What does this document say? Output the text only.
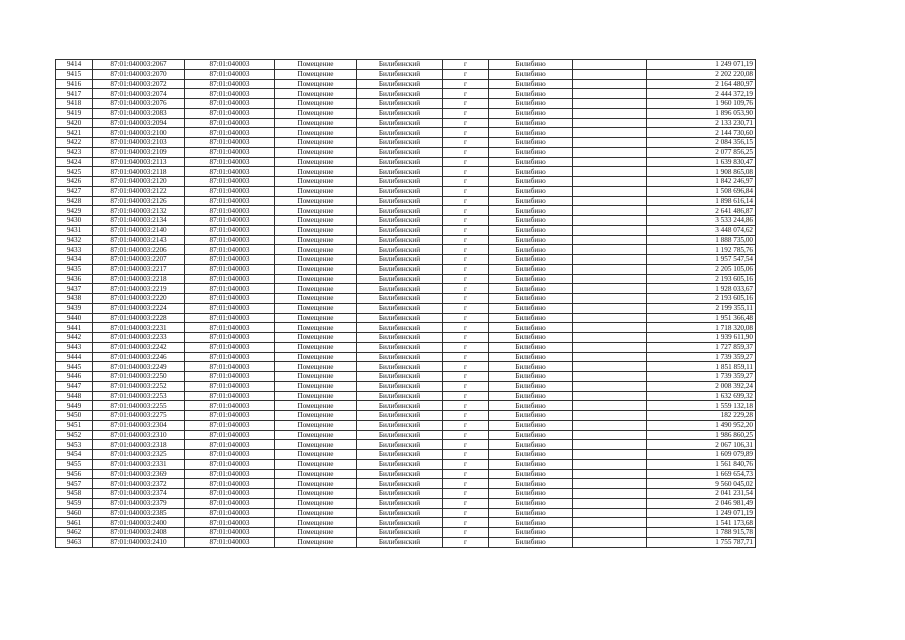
9414	87:01:040003:2067	87:01:040003	Помещение	Билибинский	г	Билибино		1 249 071,19
9415	87:01:040003:2070	87:01:040003	Помещение	Билибинский	г	Билибино		2 202 220,08
9416	87:01:040003:2072	87:01:040003	Помещение	Билибинский	г	Билибино		2 164 480,97
9417	87:01:040003:2074	87:01:040003	Помещение	Билибинский	г	Билибино		2 444 372,19
9418	87:01:040003:2076	87:01:040003	Помещение	Билибинский	г	Билибино		1 960 109,76
9419	87:01:040003:2083	87:01:040003	Помещение	Билибинский	г	Билибино		1 896 053,90
9420	87:01:040003:2094	87:01:040003	Помещение	Билибинский	г	Билибино		2 133 230,71
9421	87:01:040003:2100	87:01:040003	Помещение	Билибинский	г	Билибино		2 144 730,60
9422	87:01:040003:2103	87:01:040003	Помещение	Билибинский	г	Билибино		2 084 356,15
9423	87:01:040003:2109	87:01:040003	Помещение	Билибинский	г	Билибино		2 077 856,25
9424	87:01:040003:2113	87:01:040003	Помещение	Билибинский	г	Билибино		1 639 830,47
9425	87:01:040003:2118	87:01:040003	Помещение	Билибинский	г	Билибино		1 908 865,08
9426	87:01:040003:2120	87:01:040003	Помещение	Билибинский	г	Билибино		1 842 246,97
9427	87:01:040003:2122	87:01:040003	Помещение	Билибинский	г	Билибино		1 508 696,84
9428	87:01:040003:2126	87:01:040003	Помещение	Билибинский	г	Билибино		1 898 616,14
9429	87:01:040003:2132	87:01:040003	Помещение	Билибинский	г	Билибино		2 641 486,87
9430	87:01:040003:2134	87:01:040003	Помещение	Билибинский	г	Билибино		3 533 244,86
9431	87:01:040003:2140	87:01:040003	Помещение	Билибинский	г	Билибино		3 448 074,62
9432	87:01:040003:2143	87:01:040003	Помещение	Билибинский	г	Билибино		1 888 735,00
9433	87:01:040003:2206	87:01:040003	Помещение	Билибинский	г	Билибино		1 192 785,76
9434	87:01:040003:2207	87:01:040003	Помещение	Билибинский	г	Билибино		1 957 547,54
9435	87:01:040003:2217	87:01:040003	Помещение	Билибинский	г	Билибино		2 205 105,06
9436	87:01:040003:2218	87:01:040003	Помещение	Билибинский	г	Билибино		2 193 605,16
9437	87:01:040003:2219	87:01:040003	Помещение	Билибинский	г	Билибино		1 928 033,67
9438	87:01:040003:2220	87:01:040003	Помещение	Билибинский	г	Билибино		2 193 605,16
9439	87:01:040003:2224	87:01:040003	Помещение	Билибинский	г	Билибино		2 199 355,11
9440	87:01:040003:2228	87:01:040003	Помещение	Билибинский	г	Билибино		1 951 366,48
9441	87:01:040003:2231	87:01:040003	Помещение	Билибинский	г	Билибино		1 718 320,08
9442	87:01:040003:2233	87:01:040003	Помещение	Билибинский	г	Билибино		1 939 611,90
9443	87:01:040003:2242	87:01:040003	Помещение	Билибинский	г	Билибино		1 727 859,37
9444	87:01:040003:2246	87:01:040003	Помещение	Билибинский	г	Билибино		1 739 359,27
9445	87:01:040003:2249	87:01:040003	Помещение	Билибинский	г	Билибино		1 851 859,11
9446	87:01:040003:2250	87:01:040003	Помещение	Билибинский	г	Билибино		1 739 359,27
9447	87:01:040003:2252	87:01:040003	Помещение	Билибинский	г	Билибино		2 008 392,24
9448	87:01:040003:2253	87:01:040003	Помещение	Билибинский	г	Билибино		1 632 699,32
9449	87:01:040003:2255	87:01:040003	Помещение	Билибинский	г	Билибино		1 559 132,18
9450	87:01:040003:2275	87:01:040003	Помещение	Билибинский	г	Билибино		182 229,28
9451	87:01:040003:2304	87:01:040003	Помещение	Билибинский	г	Билибино		1 490 952,20
9452	87:01:040003:2310	87:01:040003	Помещение	Билибинский	г	Билибино		1 986 860,25
9453	87:01:040003:2318	87:01:040003	Помещение	Билибинский	г	Билибино		2 067 106,31
9454	87:01:040003:2325	87:01:040003	Помещение	Билибинский	г	Билибино		1 609 079,89
9455	87:01:040003:2331	87:01:040003	Помещение	Билибинский	г	Билибино		1 561 840,76
9456	87:01:040003:2369	87:01:040003	Помещение	Билибинский	г	Билибино		1 669 654,73
9457	87:01:040003:2372	87:01:040003	Помещение	Билибинский	г	Билибино		9 560 045,02
9458	87:01:040003:2374	87:01:040003	Помещение	Билибинский	г	Билибино		2 041 231,54
9459	87:01:040003:2379	87:01:040003	Помещение	Билибинский	г	Билибино		2 046 981,49
9460	87:01:040003:2385	87:01:040003	Помещение	Билибинский	г	Билибино		1 249 071,19
9461	87:01:040003:2400	87:01:040003	Помещение	Билибинский	г	Билибино		1 541 173,68
9462	87:01:040003:2408	87:01:040003	Помещение	Билибинский	г	Билибино		1 788 915,78
9463	87:01:040003:2410	87:01:040003	Помещение	Билибинский	г	Билибино		1 755 787,71
